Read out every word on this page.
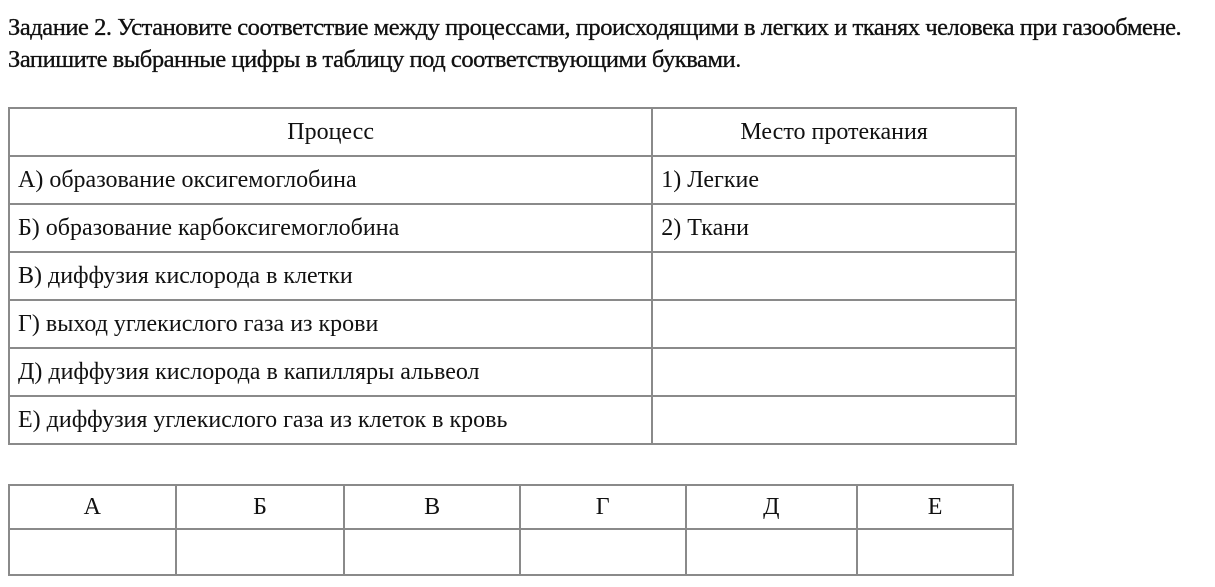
Задание 2. Установите соответствие между процессами, происходящими в легких и тканях человека при газообмене. Запишите выбранные цифры в таблицу под соответствующими буквами.
Процесс	Место протекания
А) образование оксигемоглобина	1) Легкие
Б) образование карбоксигемоглобина	2) Ткани
В) диффузия кислорода в клетки	
Г) выход углекислого газа из крови	
Д) диффузия кислорода в капилляры альвеол	
Е) диффузия углекислого газа из клеток в кровь	
А	Б	В	Г	Д	Е
